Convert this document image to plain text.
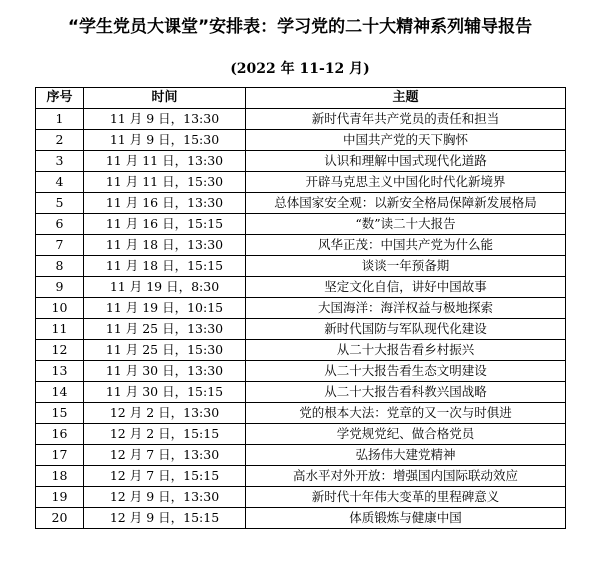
“学生党员大课堂”安排表：学习党的二十大精神系列辅导报告
(2022 年 11-12 月)
序号	时间	主题
1	11 月 9 日，13:30	新时代青年共产党员的责任和担当
2	11 月 9 日，15:30	中国共产党的天下胸怀
3	11 月 11 日，13:30	认识和理解中国式现代化道路
4	11 月 11 日，15:30	开辟马克思主义中国化时代化新境界
5	11 月 16 日，13:30	总体国家安全观：以新安全格局保障新发展格局
6	11 月 16 日，15:15	“数”读二十大报告
7	11 月 18 日，13:30	风华正茂：中国共产党为什么能
8	11 月 18 日，15:15	谈谈一年预备期
9	11 月 19 日，8:30	坚定文化自信，讲好中国故事
10	11 月 19 日，10:15	大国海洋：海洋权益与极地探索
11	11 月 25 日，13:30	新时代国防与军队现代化建设
12	11 月 25 日，15:30	从二十大报告看乡村振兴
13	11 月 30 日，13:30	从二十大报告看生态文明建设
14	11 月 30 日，15:15	从二十大报告看科教兴国战略
15	12 月 2 日，13:30	党的根本大法：党章的又一次与时俱进
16	12 月 2 日，15:15	学党规党纪、做合格党员
17	12 月 7 日，13:30	弘扬伟大建党精神
18	12 月 7 日，15:15	高水平对外开放：增强国内国际联动效应
19	12 月 9 日，13:30	新时代十年伟大变革的里程碑意义
20	12 月 9 日，15:15	体质锻炼与健康中国
